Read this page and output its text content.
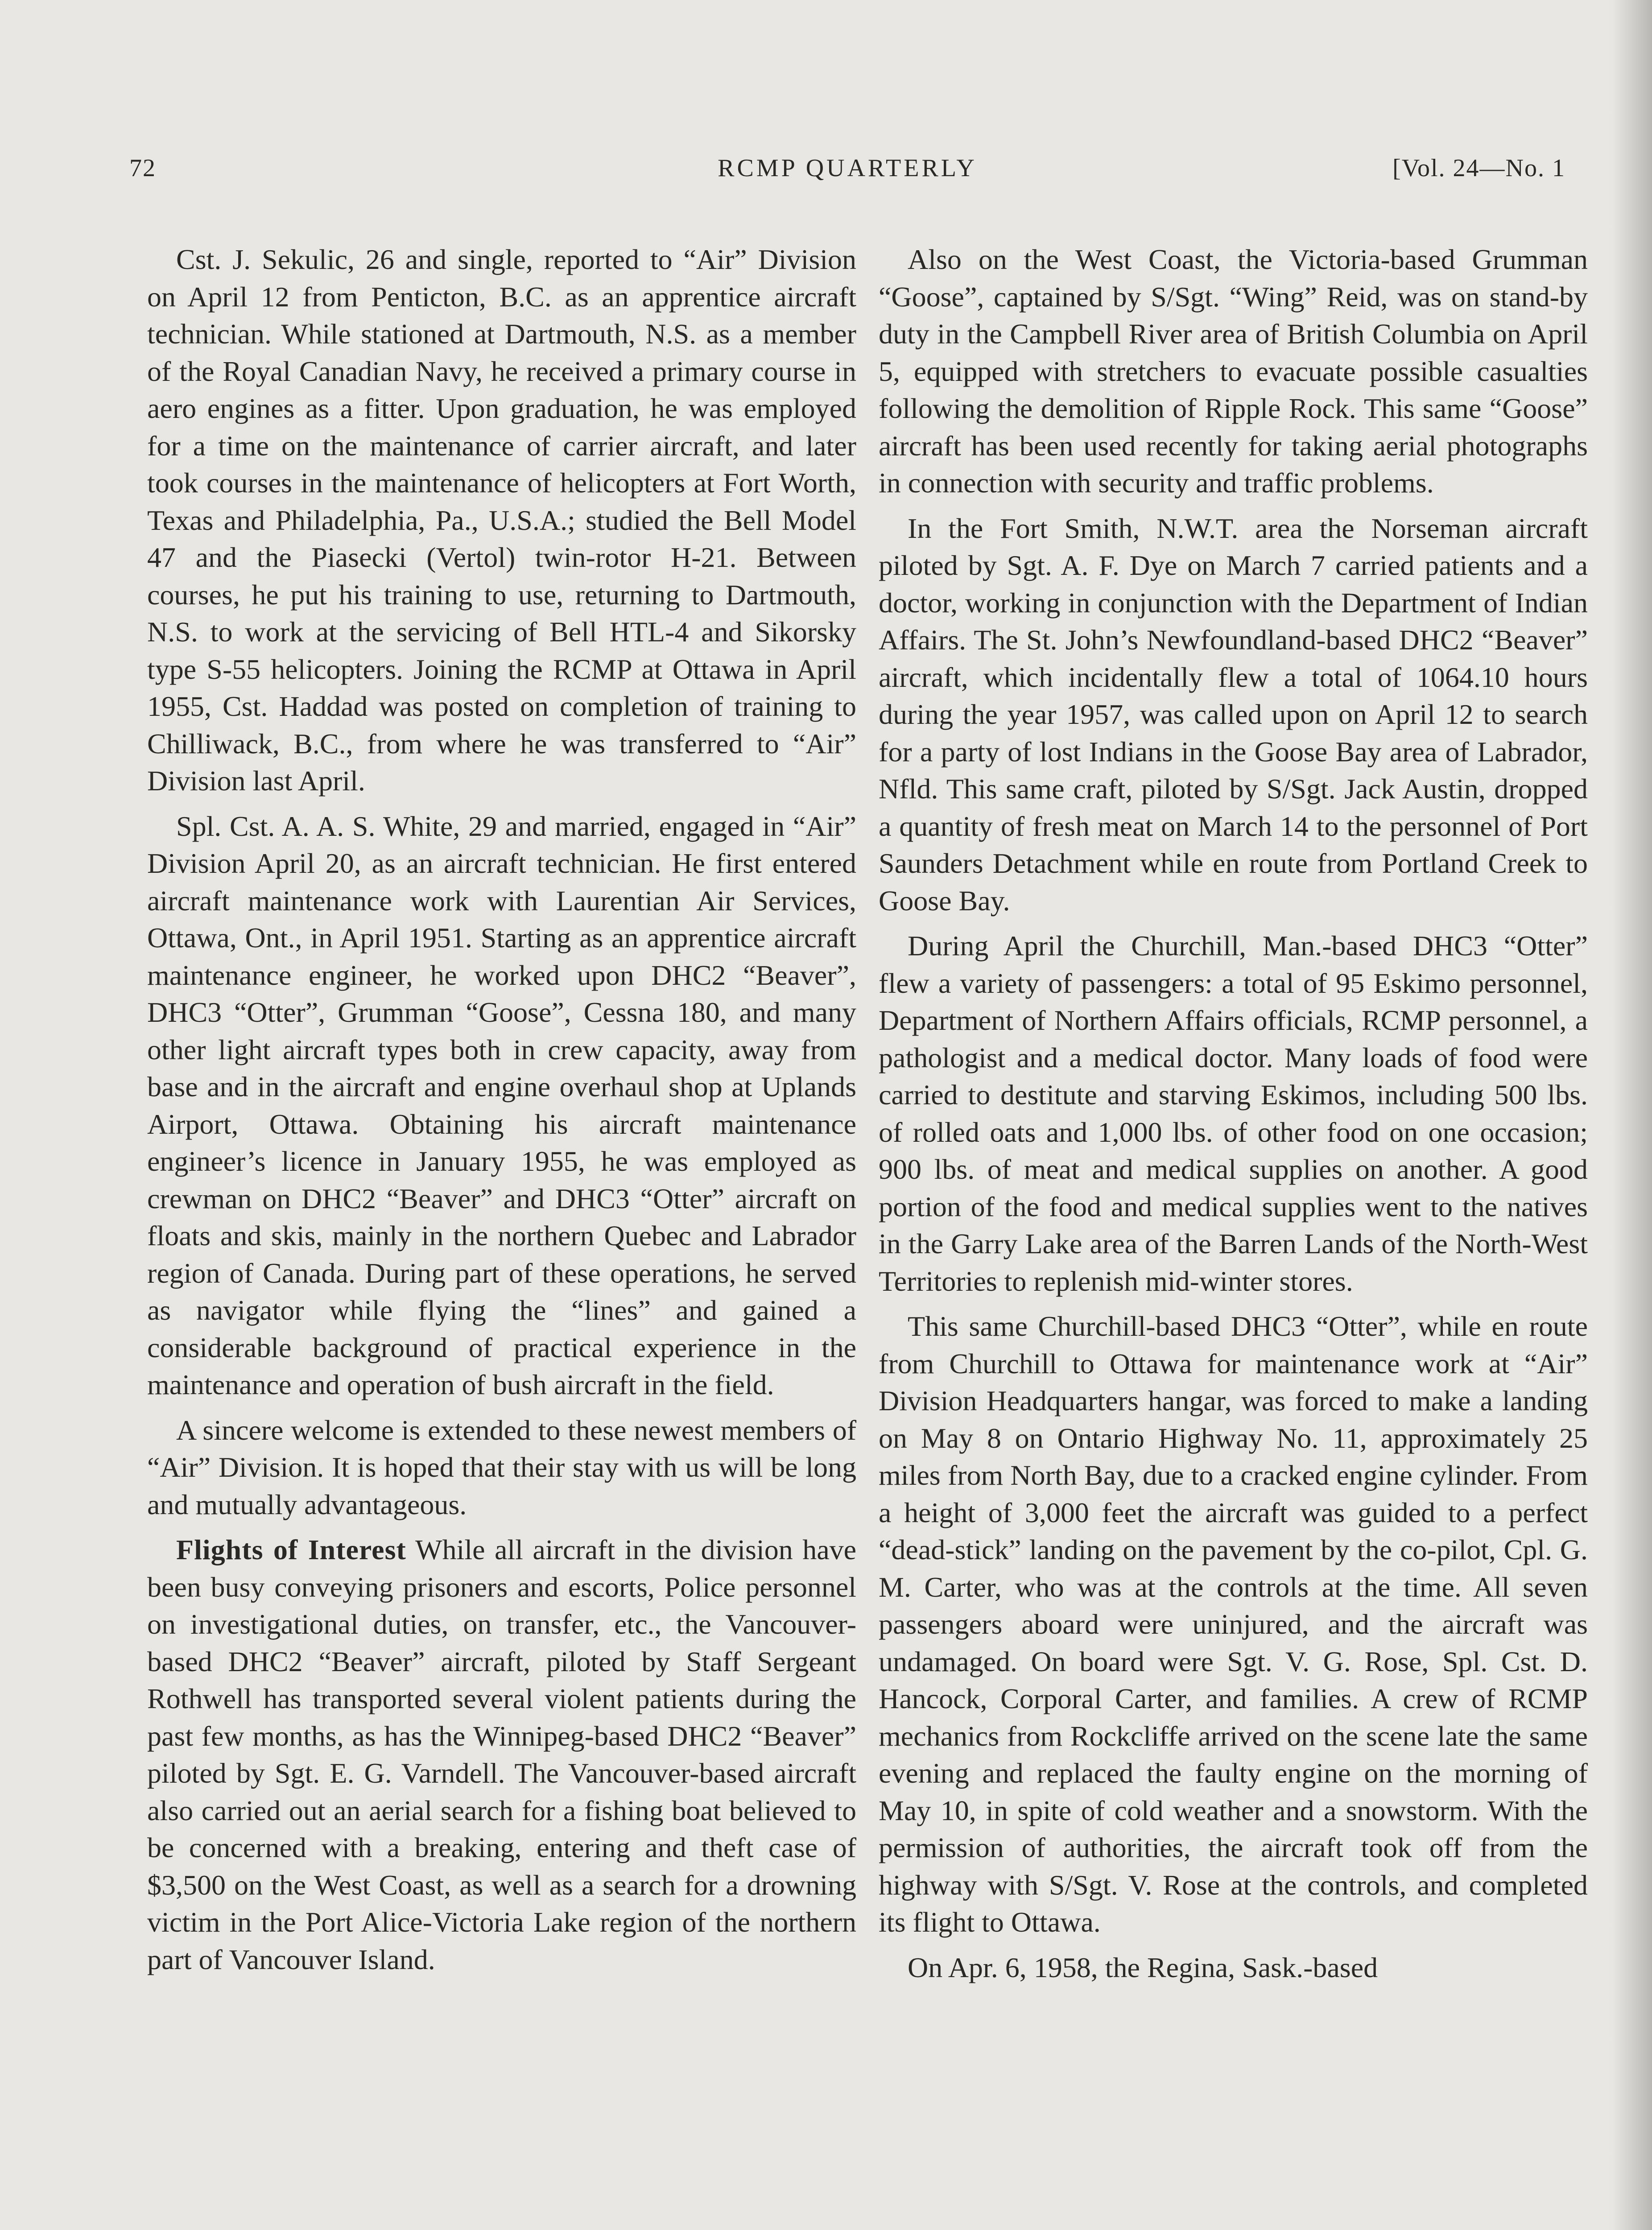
72	RCMP QUARTERLY	[Vol. 24—No. 1

Cst. J. Sekulic, 26 and single, reported to “Air” Division on April 12 from Penticton, B.C. as an apprentice aircraft technician. While stationed at Dartmouth, N.S. as a member of the Royal Canadian Navy, he received a primary course in aero engines as a fitter. Upon graduation, he was employed for a time on the maintenance of carrier aircraft, and later took courses in the maintenance of helicopters at Fort Worth, Texas and Philadelphia, Pa., U.S.A.; studied the Bell Model 47 and the Piasecki (Vertol) twin-rotor H-21. Between courses, he put his training to use, returning to Dartmouth, N.S. to work at the servicing of Bell HTL-4 and Sikorsky type S-55 helicopters. Joining the RCMP at Ottawa in April 1955, Cst. Haddad was posted on completion of training to Chilliwack, B.C., from where he was transferred to “Air” Division last April.

Spl. Cst. A. A. S. White, 29 and married, engaged in “Air” Division April 20, as an aircraft technician. He first entered aircraft maintenance work with Laurentian Air Services, Ottawa, Ont., in April 1951. Starting as an apprentice aircraft maintenance engineer, he worked upon DHC2 “Beaver”, DHC3 “Otter”, Grumman “Goose”, Cessna 180, and many other light aircraft types both in crew capacity, away from base and in the aircraft and engine overhaul shop at Uplands Airport, Ottawa. Obtaining his aircraft maintenance engineer’s licence in January 1955, he was employed as crewman on DHC2 “Beaver” and DHC3 “Otter” aircraft on floats and skis, mainly in the northern Quebec and Labrador region of Canada. During part of these operations, he served as navigator while flying the “lines” and gained a considerable background of practical experience in the maintenance and operation of bush aircraft in the field.

A sincere welcome is extended to these newest members of “Air” Division. It is hoped that their stay with us will be long and mutually advantageous.

Flights of Interest While all aircraft in the division have been busy conveying prisoners and escorts, Police personnel on investigational duties, on transfer, etc., the Vancouver-based DHC2 “Beaver” aircraft, piloted by Staff Sergeant Rothwell has transported several violent patients during the past few months, as has the Winnipeg-based DHC2 “Beaver” piloted by Sgt. E. G. Varndell. The Vancouver-based aircraft also carried out an aerial search for a fishing boat believed to be concerned with a breaking, entering and theft case of $3,500 on the West Coast, as well as a search for a drowning victim in the Port Alice-Victoria Lake region of the northern part of Vancouver Island.

Also on the West Coast, the Victoria-based Grumman “Goose”, captained by S/Sgt. “Wing” Reid, was on stand-by duty in the Campbell River area of British Columbia on April 5, equipped with stretchers to evacuate possible casualties following the demolition of Ripple Rock. This same “Goose” aircraft has been used recently for taking aerial photographs in connection with security and traffic problems.

In the Fort Smith, N.W.T. area the Norseman aircraft piloted by Sgt. A. F. Dye on March 7 carried patients and a doctor, working in conjunction with the Department of Indian Affairs. The St. John’s Newfoundland-based DHC2 “Beaver” aircraft, which incidentally flew a total of 1064.10 hours during the year 1957, was called upon on April 12 to search for a party of lost Indians in the Goose Bay area of Labrador, Nfld. This same craft, piloted by S/Sgt. Jack Austin, dropped a quantity of fresh meat on March 14 to the personnel of Port Saunders Detachment while en route from Portland Creek to Goose Bay.

During April the Churchill, Man.-based DHC3 “Otter” flew a variety of passengers: a total of 95 Eskimo personnel, Department of Northern Affairs officials, RCMP personnel, a pathologist and a medical doctor. Many loads of food were carried to destitute and starving Eskimos, including 500 lbs. of rolled oats and 1,000 lbs. of other food on one occasion; 900 lbs. of meat and medical supplies on another. A good portion of the food and medical supplies went to the natives in the Garry Lake area of the Barren Lands of the North-West Territories to replenish mid-winter stores.

This same Churchill-based DHC3 “Otter”, while en route from Churchill to Ottawa for maintenance work at “Air” Division Headquarters hangar, was forced to make a landing on May 8 on Ontario Highway No. 11, approximately 25 miles from North Bay, due to a cracked engine cylinder. From a height of 3,000 feet the aircraft was guided to a perfect “dead-stick” landing on the pavement by the co-pilot, Cpl. G. M. Carter, who was at the controls at the time. All seven passengers aboard were uninjured, and the aircraft was undamaged. On board were Sgt. V. G. Rose, Spl. Cst. D. Hancock, Corporal Carter, and families. A crew of RCMP mechanics from Rockcliffe arrived on the scene late the same evening and replaced the faulty engine on the morning of May 10, in spite of cold weather and a snowstorm. With the permission of authorities, the aircraft took off from the highway with S/Sgt. V. Rose at the controls, and completed its flight to Ottawa.

On Apr. 6, 1958, the Regina, Sask.-based
